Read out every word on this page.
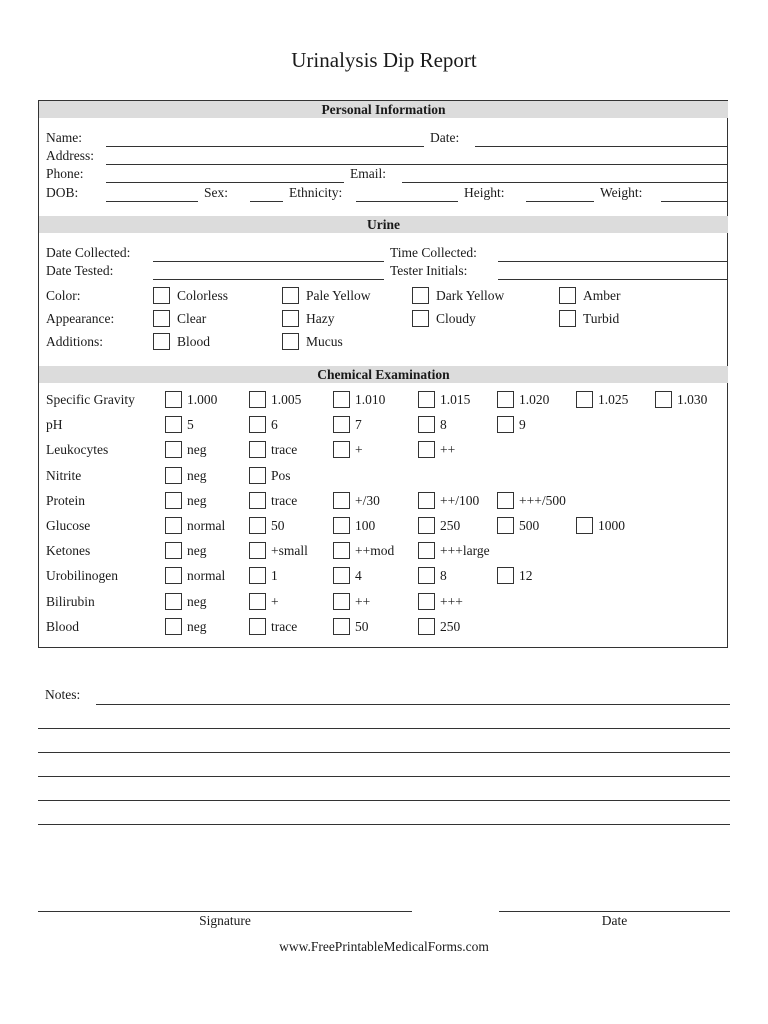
Urinalysis Dip Report
Personal Information
Name:	Date:
Address:
Phone:	Email:
DOB:	Sex:	Ethnicity:	Height:	Weight:
Urine
Date Collected:	Time Collected:
Date Tested:	Tester Initials:
Color:	Colorless	Pale Yellow	Dark Yellow	Amber
Appearance:	Clear	Hazy	Cloudy	Turbid
Additions:	Blood	Mucus
Chemical Examination
Specific Gravity	1.000	1.005	1.010	1.015	1.020	1.025	1.030
pH	5	6	7	8	9
Leukocytes	neg	trace	+	++
Nitrite	neg	Pos
Protein	neg	trace	+/30	++/100	+++/500
Glucose	normal	50	100	250	500	1000
Ketones	neg	+small	++mod	+++large
Urobilinogen	normal	1	4	8	12
Bilirubin	neg	+	++	+++
Blood	neg	trace	50	250
Notes:
Signature	Date
www.FreePrintableMedicalForms.com
